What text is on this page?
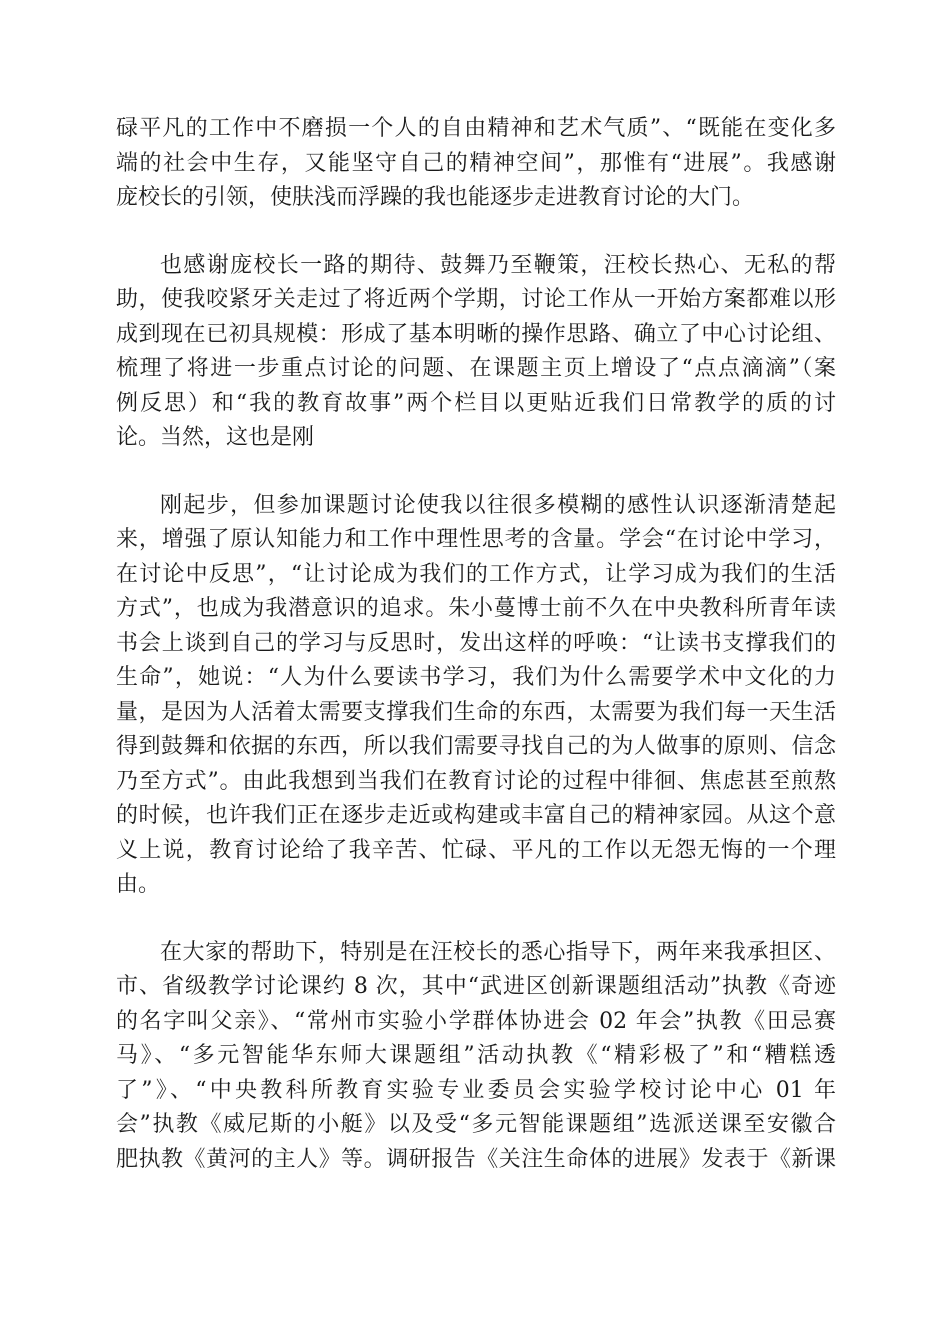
碌平凡的工作中不磨损一个人的自由精神和艺术气质”、“既能在变化多
端的社会中生存，又能坚守自己的精神空间”，那惟有“进展”。我感谢
庞校长的引领，使肤浅而浮躁的我也能逐步走进教育讨论的大门。
也感谢庞校长一路的期待、鼓舞乃至鞭策，汪校长热心、无私的帮
助，使我咬紧牙关走过了将近两个学期，讨论工作从一开始方案都难以形
成到现在已初具规模：形成了基本明晰的操作思路、确立了中心讨论组、
梳理了将进一步重点讨论的问题、在课题主页上增设了“点点滴滴”（案
例反思）和“我的教育故事”两个栏目以更贴近我们日常教学的质的讨
论。当然，这也是刚
刚起步，但参加课题讨论使我以往很多模糊的感性认识逐渐清楚起
来，增强了原认知能力和工作中理性思考的含量。学会“在讨论中学习，
在讨论中反思”，“让讨论成为我们的工作方式，让学习成为我们的生活
方式”，也成为我潜意识的追求。朱小蔓博士前不久在中央教科所青年读
书会上谈到自己的学习与反思时，发出这样的呼唤：“让读书支撑我们的
生命”，她说：“人为什么要读书学习，我们为什么需要学术中文化的力
量，是因为人活着太需要支撑我们生命的东西，太需要为我们每一天生活
得到鼓舞和依据的东西，所以我们需要寻找自己的为人做事的原则、信念
乃至方式”。由此我想到当我们在教育讨论的过程中徘徊、焦虑甚至煎熬
的时候，也许我们正在逐步走近或构建或丰富自己的精神家园。从这个意
义上说，教育讨论给了我辛苦、忙碌、平凡的工作以无怨无悔的一个理
由。
在大家的帮助下，特别是在汪校长的悉心指导下，两年来我承担区、
市、省级教学讨论课约 8 次，其中“武进区创新课题组活动”执教《奇迹
的名字叫父亲》、“常州市实验小学群体协进会 02 年会”执教《田忌赛
马》、“多元智能华东师大课题组”活动执教《“精彩极了”和“糟糕透
了”》、“中央教科所教育实验专业委员会实验学校讨论中心 01 年
会”执教《威尼斯的小艇》以及受“多元智能课题组”选派送课至安徽合
肥执教《黄河的主人》等。调研报告《关注生命体的进展》发表于《新课
